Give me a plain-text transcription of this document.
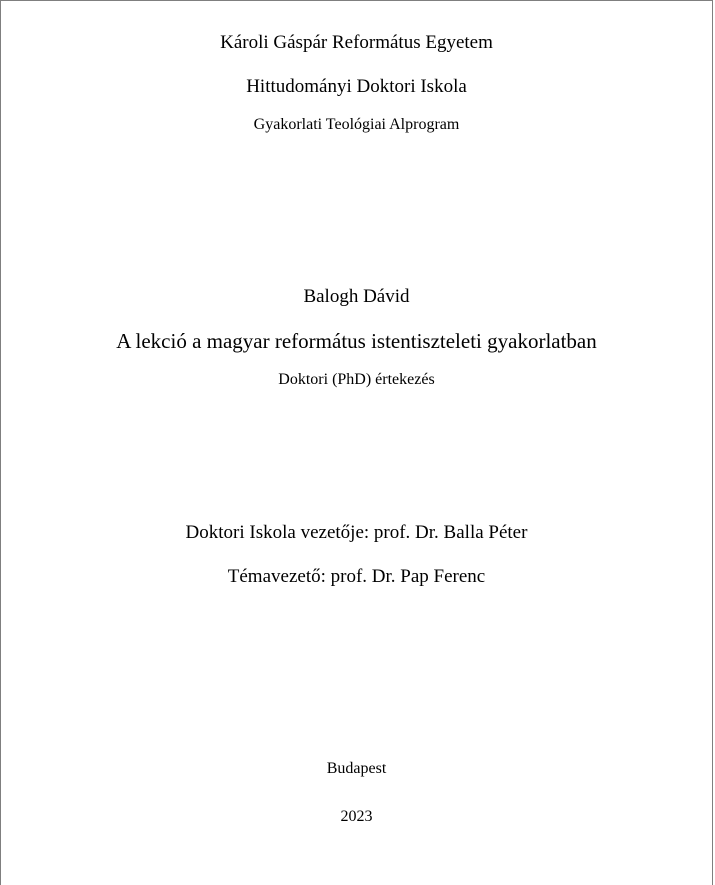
Károli Gáspár Református Egyetem
Hittudományi Doktori Iskola
Gyakorlati Teológiai Alprogram
Balogh Dávid
A lekció a magyar református istentiszteleti gyakorlatban
Doktori (PhD) értekezés
Doktori Iskola vezetője: prof. Dr. Balla Péter
Témavezető: prof. Dr. Pap Ferenc
Budapest
2023
